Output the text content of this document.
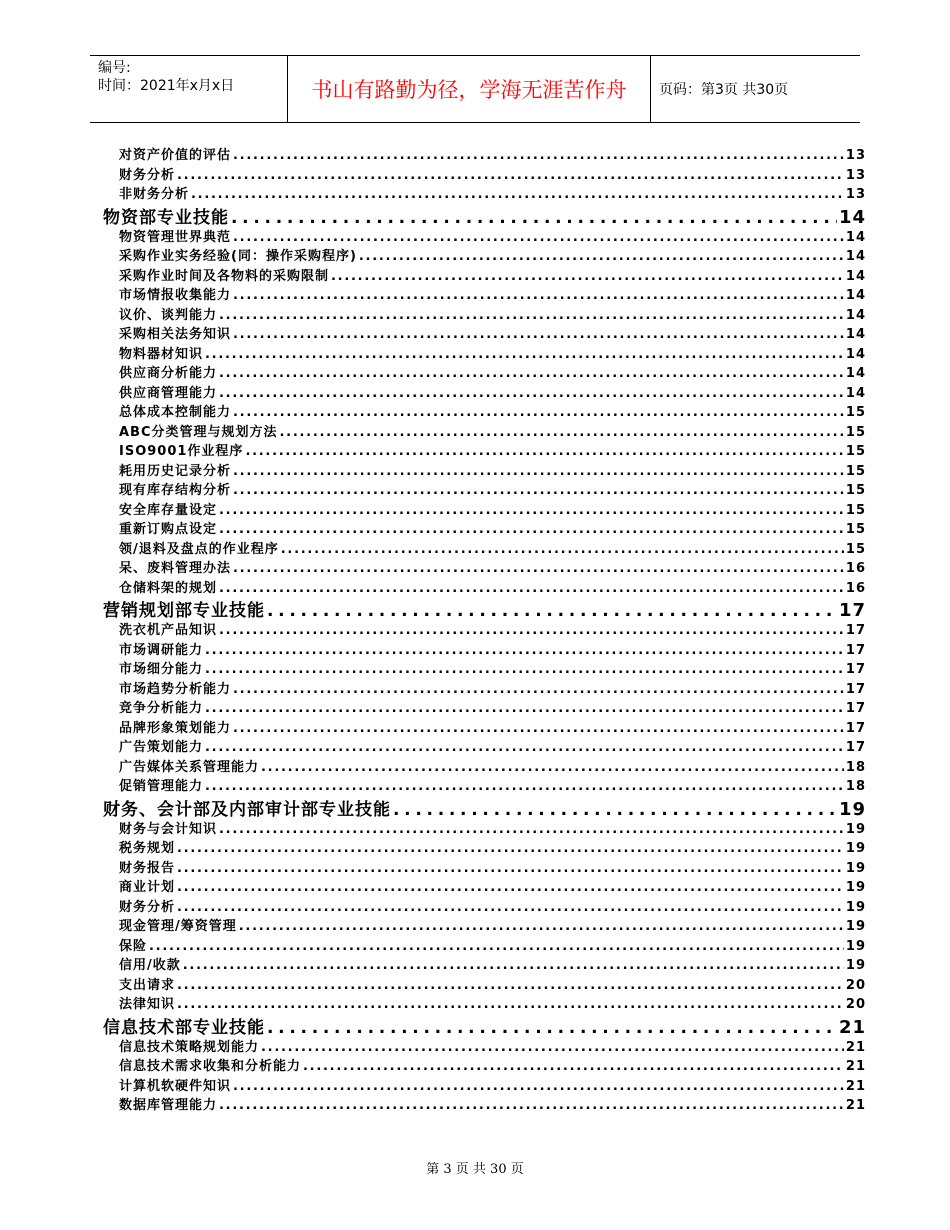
编号:
时间：2021年x月x日	书山有路勤为径，学海无涯苦作舟	页码：第3页 共30页
对资产价值的评估 . . .	13
财务分析 . . .	13
非财务分析 . . .	13
物资部专业技能 . . .	14
物资管理世界典范 . . .	14
采购作业实务经验(同：操作采购程序) . . .	14
采购作业时间及各物料的采购限制 . . .	14
市场情报收集能力 . . .	14
议价、谈判能力 . . .	14
采购相关法务知识 . . .	14
物料器材知识 . . .	14
供应商分析能力 . . .	14
供应商管理能力 . . .	14
总体成本控制能力 . . .	15
ABC分类管理与规划方法 . . .	15
ISO9001作业程序 . . .	15
耗用历史记录分析 . . .	15
现有库存结构分析 . . .	15
安全库存量设定 . . .	15
重新订购点设定 . . .	15
领/退料及盘点的作业程序 . . .	15
呆、废料管理办法 . . .	16
仓储料架的规划 . . .	16
营销规划部专业技能 . . .	17
洗衣机产品知识 . . .	17
市场调研能力 . . .	17
市场细分能力 . . .	17
市场趋势分析能力 . . .	17
竞争分析能力 . . .	17
品牌形象策划能力 . . .	17
广告策划能力 . . .	17
广告媒体关系管理能力 . . .	18
促销管理能力 . . .	18
财务、会计部及内部审计部专业技能 . . .	19
财务与会计知识 . . .	19
税务规划 . . .	19
财务报告 . . .	19
商业计划 . . .	19
财务分析 . . .	19
现金管理/筹资管理 . . .	19
保险 . . .	19
信用/收款 . . .	19
支出请求 . . .	20
法律知识 . . .	20
信息技术部专业技能 . . .	21
信息技术策略规划能力 . . .	21
信息技术需求收集和分析能力 . . .	21
计算机软硬件知识 . . .	21
数据库管理能力 . . .	21
第 3 页 共 30 页
